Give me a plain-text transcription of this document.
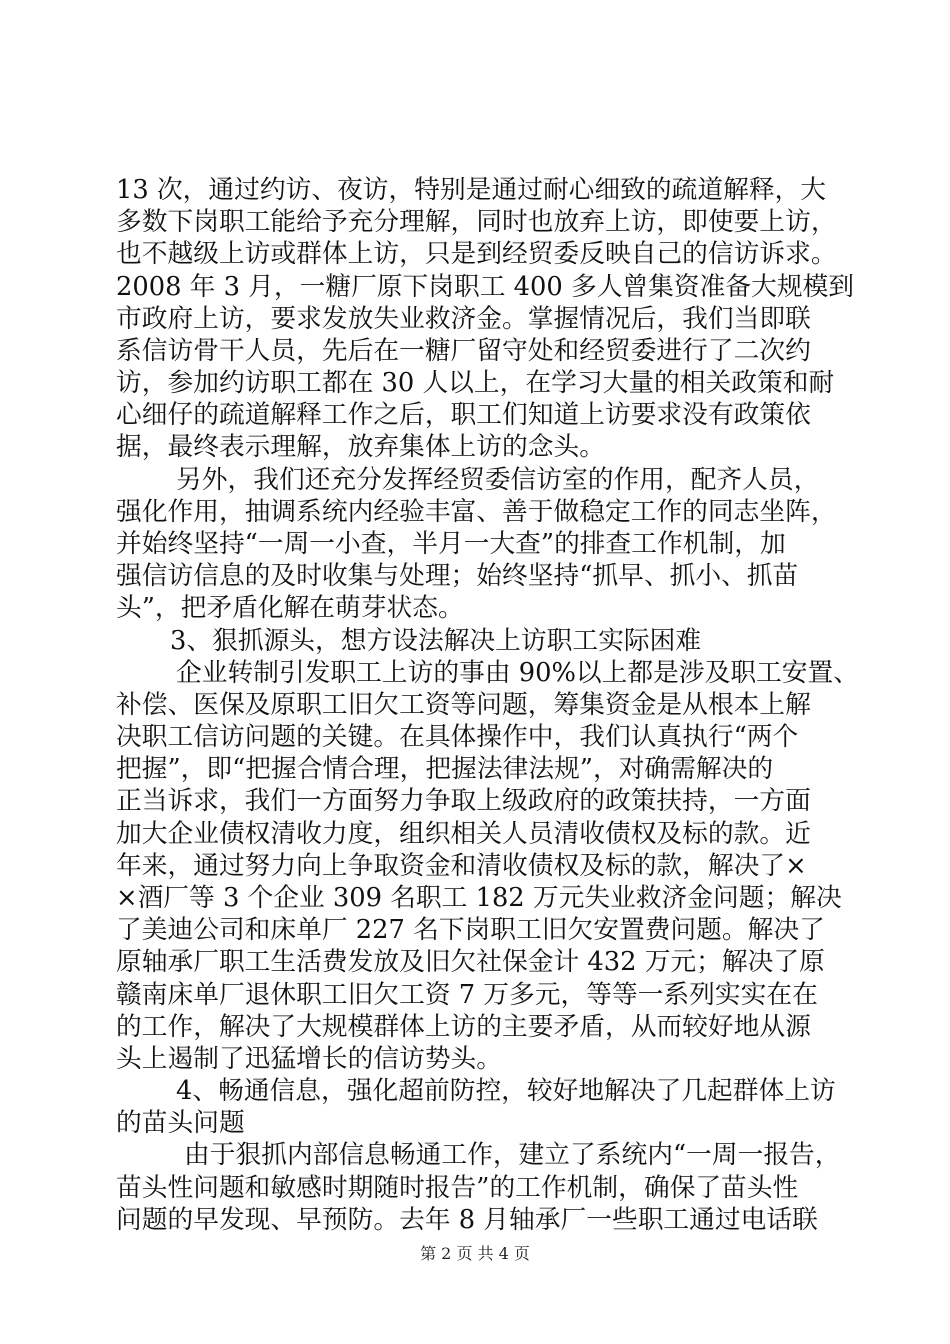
13 次，通过约访、夜访，特别是通过耐心细致的疏道解释，大
多数下岗职工能给予充分理解，同时也放弃上访，即使要上访，
也不越级上访或群体上访，只是到经贸委反映自己的信访诉求。
2008 年 3 月，一糖厂原下岗职工 400 多人曾集资准备大规模到
市政府上访，要求发放失业救济金。掌握情况后，我们当即联
系信访骨干人员，先后在一糖厂留守处和经贸委进行了二次约
访，参加约访职工都在 30 人以上，在学习大量的相关政策和耐
心细仔的疏道解释工作之后，职工们知道上访要求没有政策依
据，最终表示理解，放弃集体上访的念头。
另外，我们还充分发挥经贸委信访室的作用，配齐人员，
强化作用，抽调系统内经验丰富、善于做稳定工作的同志坐阵，
并始终坚持“一周一小查，半月一大查”的排查工作机制，加
强信访信息的及时收集与处理；始终坚持“抓早、抓小、抓苗
头”，把矛盾化解在萌芽状态。
3、狠抓源头，想方设法解决上访职工实际困难
企业转制引发职工上访的事由 90%以上都是涉及职工安置、
补偿、医保及原职工旧欠工资等问题，筹集资金是从根本上解
决职工信访问题的关键。在具体操作中，我们认真执行“两个
把握”，即“把握合情合理，把握法律法规”，对确需解决的
正当诉求，我们一方面努力争取上级政府的政策扶持，一方面
加大企业债权清收力度，组织相关人员清收债权及标的款。近
年来，通过努力向上争取资金和清收债权及标的款，解决了×
×酒厂等 3 个企业 309 名职工 182 万元失业救济金问题；解决
了美迪公司和床单厂 227 名下岗职工旧欠安置费问题。解决了
原轴承厂职工生活费发放及旧欠社保金计 432 万元；解决了原
赣南床单厂退休职工旧欠工资 7 万多元，等等一系列实实在在
的工作，解决了大规模群体上访的主要矛盾，从而较好地从源
头上遏制了迅猛增长的信访势头。
4、畅通信息，强化超前防控，较好地解决了几起群体上访
的苗头问题
由于狠抓内部信息畅通工作，建立了系统内“一周一报告，
苗头性问题和敏感时期随时报告”的工作机制，确保了苗头性
问题的早发现、早预防。去年 8 月轴承厂一些职工通过电话联
第 2 页 共 4 页
